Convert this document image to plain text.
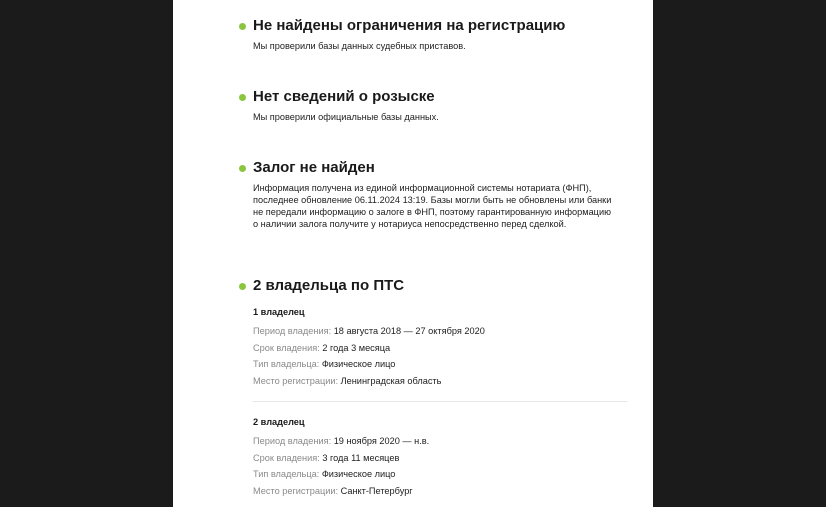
Не найдены ограничения на регистрацию

Мы проверили базы данных судебных приставов.

Нет сведений о розыске

Мы проверили официальные базы данных.

Залог не найден

Информация получена из единой информационной системы нотариата (ФНП), последнее обновление 06.11.2024 13:19. Базы могли быть не обновлены или банки не передали информацию о залоге в ФНП, поэтому гарантированную информацию о наличии залога получите у нотариуса непосредственно перед сделкой.

2 владельца по ПТС
1 владелец
Период владения: 18 августа 2018 — 27 октября 2020
Срок владения: 2 года 3 месяца
Тип владельца: Физическое лицо
Место регистрации: Ленинградская область
2 владелец
Период владения: 19 ноября 2020 — н.в.
Срок владения: 3 года 11 месяцев
Тип владельца: Физическое лицо
Место регистрации: Санкт-Петербург
